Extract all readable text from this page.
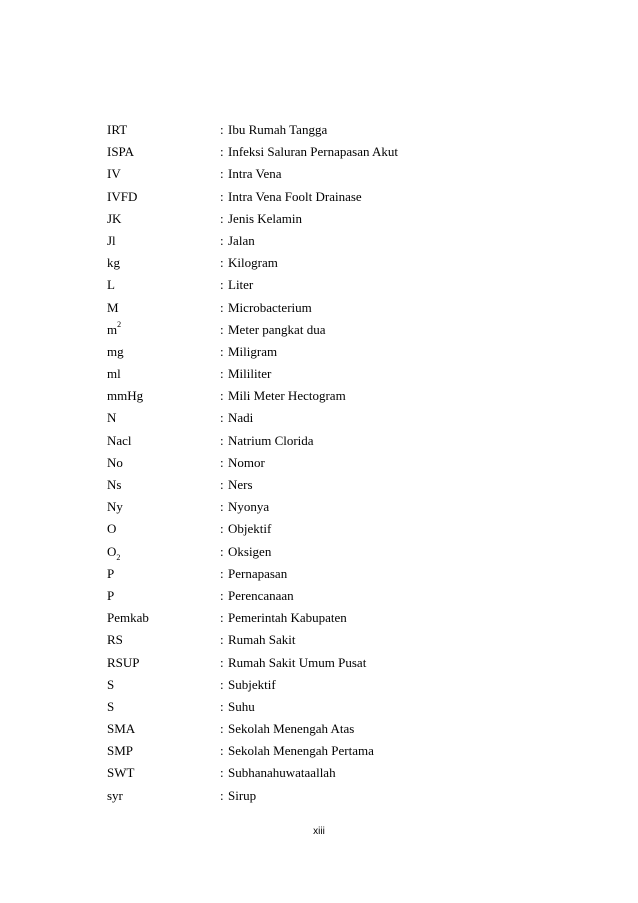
IRT	: Ibu Rumah Tangga
ISPA	: Infeksi Saluran Pernapasan Akut
IV	: Intra Vena
IVFD	: Intra Vena Foolt Drainase
JK	: Jenis Kelamin
Jl	: Jalan
kg	: Kilogram
L	: Liter
M	: Microbacterium
$m^2$	: Meter pangkat dua
mg	: Miligram
ml	: Mililiter
mmHg	: Mili Meter Hectogram
N	: Nadi
Nacl	: Natrium Clorida
No	: Nomor
Ns	: Ners
Ny	: Nyonya
O	: Objektif
$O_2$	: Oksigen
P	: Pernapasan
P	: Perencanaan
Pemkab	: Pemerintah Kabupaten
RS	: Rumah Sakit
RSUP	: Rumah Sakit Umum Pusat
S	: Subjektif
S	: Suhu
SMA	: Sekolah Menengah Atas
SMP	: Sekolah Menengah Pertama
SWT	: Subhanahuwataallah
syr	: Sirup
xiii
